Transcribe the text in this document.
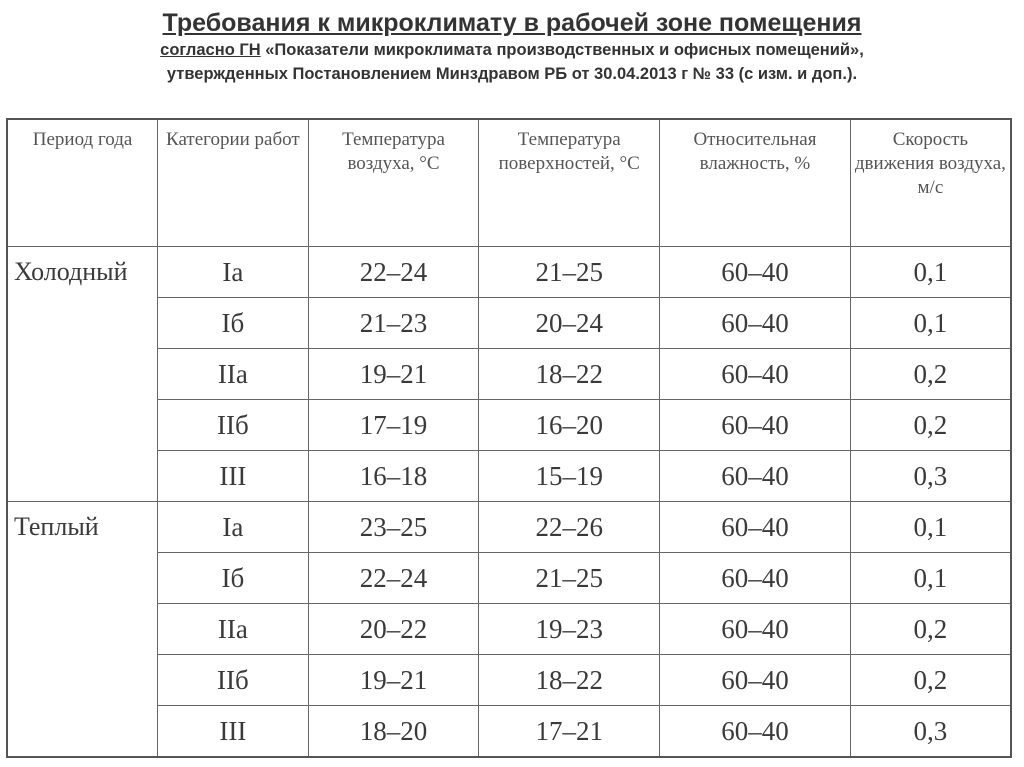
Требования к микроклимату в рабочей зоне помещения
согласно ГН «Показатели микроклимата производственных и офисных помещений»,
утвержденных Постановлением Минздравом РБ от 30.04.2013 г № 33 (с изм. и доп.).
Период года	Категории работ	Температура воздуха, °С	Температура поверхностей, °С	Относительная влажность, %	Скорость движения воздуха, м/с
Холодный	Ia	22–24	21–25	60–40	0,1
	Iб	21–23	20–24	60–40	0,1
	IIa	19–21	18–22	60–40	0,2
	IIб	17–19	16–20	60–40	0,2
	III	16–18	15–19	60–40	0,3
Теплый	Ia	23–25	22–26	60–40	0,1
	Iб	22–24	21–25	60–40	0,1
	IIa	20–22	19–23	60–40	0,2
	IIб	19–21	18–22	60–40	0,2
	III	18–20	17–21	60–40	0,3
